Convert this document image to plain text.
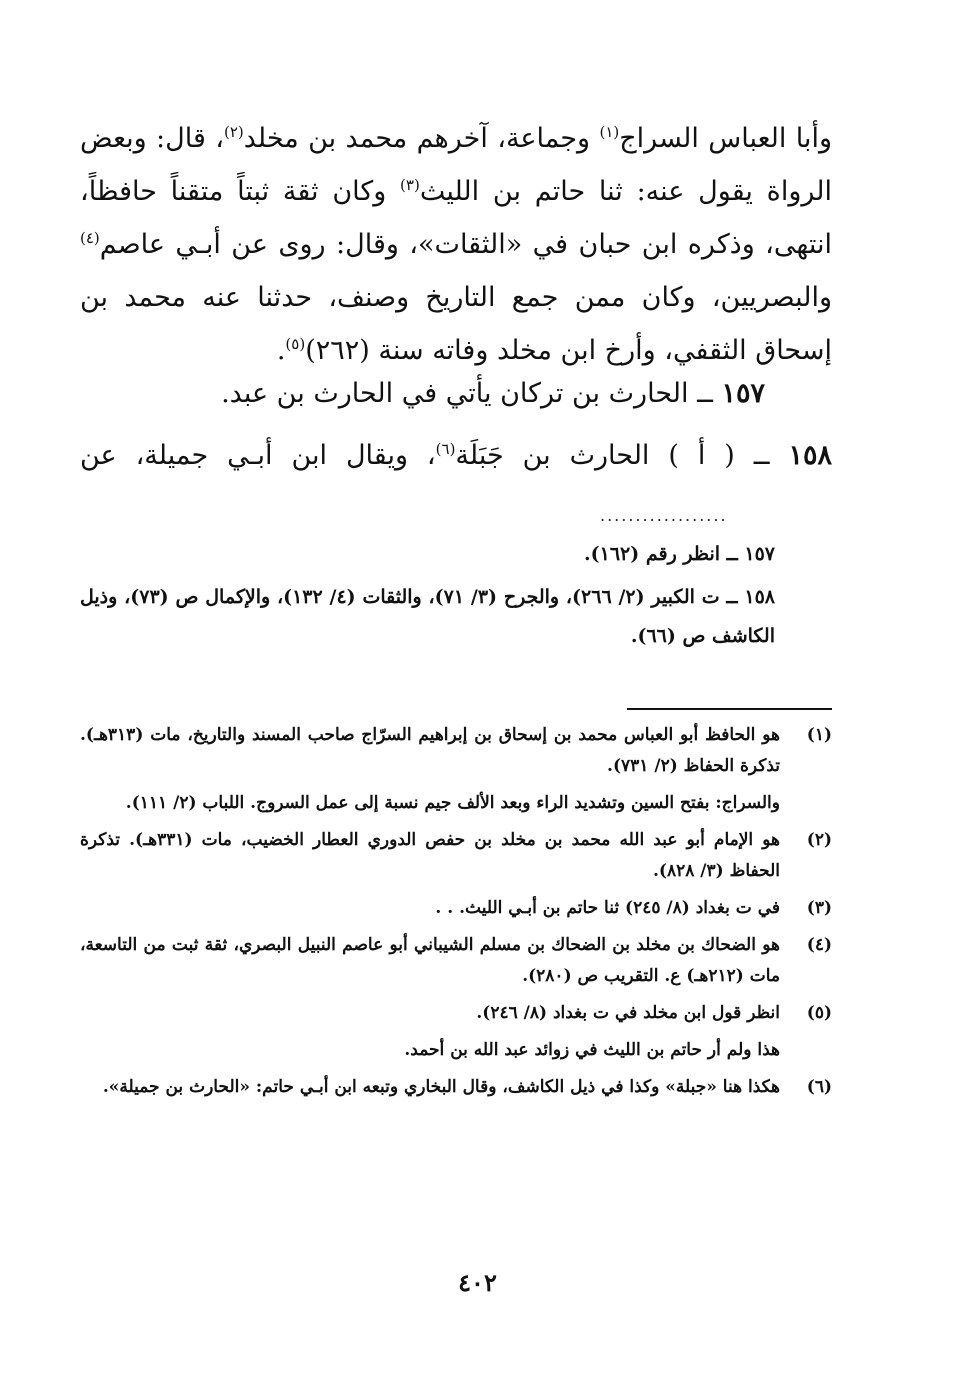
وأبا العباس السراج$^{(١)}$ وجماعة، آخرهم محمد بن مخلد$^{(٢)}$، قال: وبعض الرواة يقول عنه: ثنا حاتم بن الليث$^{(٣)}$ وكان ثقة ثبتاً متقناً حافظاً، انتهى، وذكره ابن حبان في «الثقات»، وقال: روى عن أبـي عاصم$^{(٤)}$ والبصريين، وكان ممن جمع التاريخ وصنف، حدثنا عنه محمد بن إسحاق الثقفي، وأرخ ابن مخلد وفاته سنة (٢٦٢)$^{(٥)}$.

١٥٧ ــ الحارث بن تركان يأتي في الحارث بن عبد.
١٥٨ ــ ( أ ) الحارث بن جَبَلَة$^{(٦)}$، ويقال ابن أبـي جميلة، عن
..................
١٥٧ ــ انظر رقم (١٦٢).
١٥٨ ــ ت الكبير (٢/ ٢٦٦)، والجرح (٣/ ٧١)، والثقات (٤/ ١٣٢)، والإكمال ص (٧٣)، وذيل الكاشف ص (٦٦).
(١)

هو الحافظ أبو العباس محمد بن إسحاق بن إبراهيم السرّاج صاحب المسند والتاريخ، مات (٣١٣هـ). تذكرة الحفاظ (٢/ ٧٣١).

والسراج: بفتح السين وتشديد الراء وبعد الألف جيم نسبة إلى عمل السروج. اللباب (٢/ ١١١).

(٢)

هو الإمام أبو عبد الله محمد بن مخلد بن حفص الدوري العطار الخضيب، مات (٣٣١هـ). تذكرة الحفاظ (٣/ ٨٢٨).

(٣)

في ت بغداد (٨/ ٢٤٥) ثنا حاتم بن أبـي الليث. . .

(٤)

هو الضحاك بن مخلد بن الضحاك بن مسلم الشيباني أبو عاصم النبيل البصري، ثقة ثبت من التاسعة، مات (٢١٢هـ) ع. التقريب ص (٢٨٠).

(٥)

انظر قول ابن مخلد في ت بغداد (٨/ ٢٤٦).

هذا ولم أر حاتم بن الليث في زوائد عبد الله بن أحمد.

(٦)

هكذا هنا «جبلة» وكذا في ذيل الكاشف، وقال البخاري وتبعه ابن أبـي حاتم: «الحارث بن جميلة».

٤٠٢
